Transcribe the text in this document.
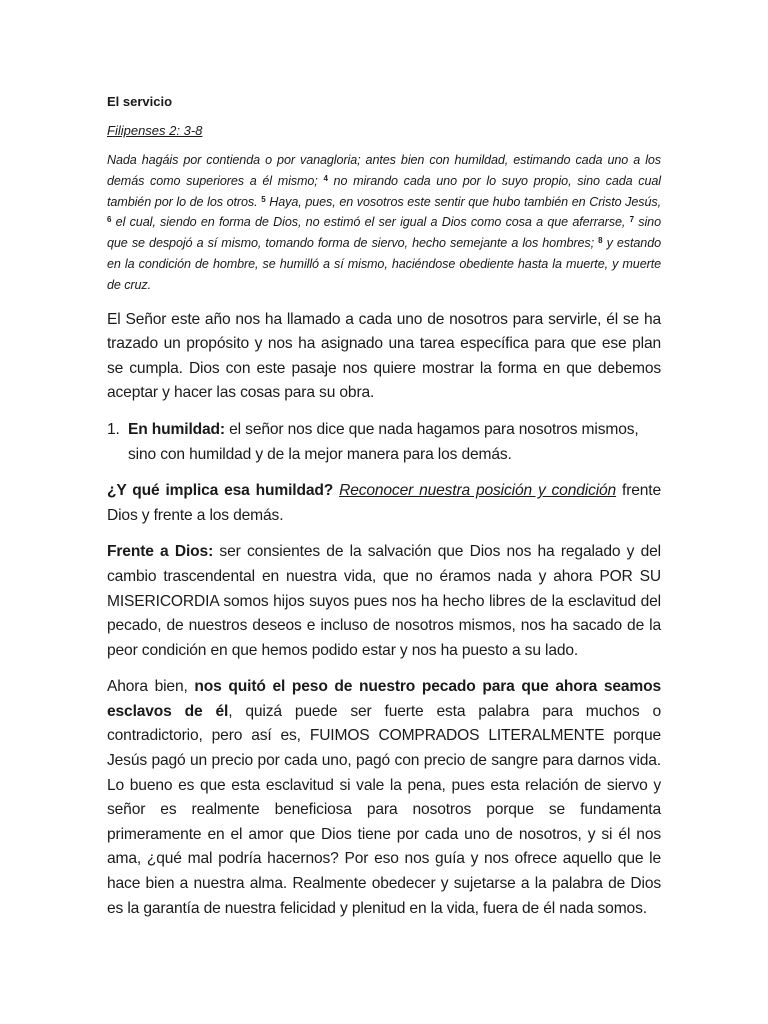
El servicio
Filipenses 2: 3-8
Nada hagáis por contienda o por vanagloria; antes bien con humildad, estimando cada uno a los demás como superiores a él mismo; $^4$ no mirando cada uno por lo suyo propio, sino cada cual también por lo de los otros. $^5$ Haya, pues, en vosotros este sentir que hubo también en Cristo Jesús, $^6$ el cual, siendo en forma de Dios, no estimó el ser igual a Dios como cosa a que aferrarse, $^7$ sino que se despojó a sí mismo, tomando forma de siervo, hecho semejante a los hombres; $^8$ y estando en la condición de hombre, se humilló a sí mismo, haciéndose obediente hasta la muerte, y muerte de cruz.
El Señor este año nos ha llamado a cada uno de nosotros para servirle, él se ha trazado un propósito y nos ha asignado una tarea específica para que ese plan se cumpla. Dios con este pasaje nos quiere mostrar la forma en que debemos aceptar y hacer las cosas para su obra.
1. En humildad: el señor nos dice que nada hagamos para nosotros mismos, sino con humildad y de la mejor manera para los demás.
¿Y qué implica esa humildad? Reconocer nuestra posición y condición frente Dios y frente a los demás.
Frente a Dios: ser consientes de la salvación que Dios nos ha regalado y del cambio trascendental en nuestra vida, que no éramos nada y ahora POR SU MISERICORDIA somos hijos suyos pues nos ha hecho libres de la esclavitud del pecado, de nuestros deseos e incluso de nosotros mismos, nos ha sacado de la peor condición en que hemos podido estar y nos ha puesto a su lado.
Ahora bien, nos quitó el peso de nuestro pecado para que ahora seamos esclavos de él, quizá puede ser fuerte esta palabra para muchos o contradictorio, pero así es, FUIMOS COMPRADOS LITERALMENTE porque Jesús pagó un precio por cada uno, pagó con precio de sangre para darnos vida. Lo bueno es que esta esclavitud si vale la pena, pues esta relación de siervo y señor es realmente beneficiosa para nosotros porque se fundamenta primeramente en el amor que Dios tiene por cada uno de nosotros, y si él nos ama, ¿qué mal podría hacernos? Por eso nos guía y nos ofrece aquello que le hace bien a nuestra alma. Realmente obedecer y sujetarse a la palabra de Dios es la garantía de nuestra felicidad y plenitud en la vida, fuera de él nada somos.
